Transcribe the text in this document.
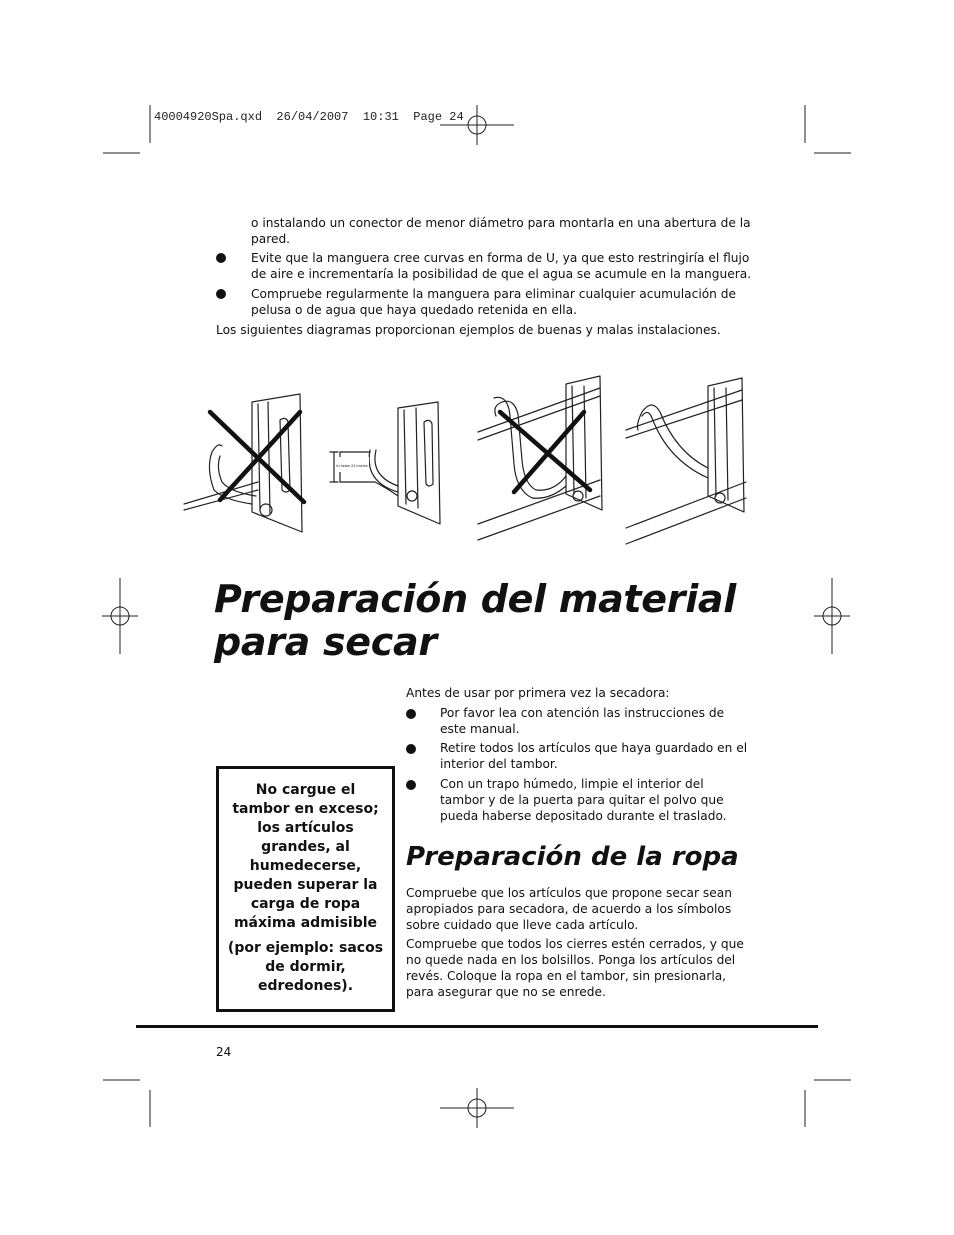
40004920Spa.qxd  26/04/2007  10:31  Page 24
o instalando un conector de menor diámetro para montarla en una abertura de la
pared.
Evite que la manguera cree curvas en forma de U, ya que esto restringiría el flujo
de aire e incrementaría la posibilidad de que el agua se acumule en la manguera.
Compruebe regularmente la manguera para eliminar cualquier acumulación de
pelusa o de agua que haya quedado retenida en ella.
Los siguientes diagramas proporcionan ejemplos de buenas y malas instalaciones.
In beam 24 Inches
Preparación del material
para secar
Antes de usar por primera vez la secadora:
Por favor lea con atención las instrucciones de
este manual.
Retire todos los artículos que haya guardado en el
interior del tambor.
Con un trapo húmedo, limpie el interior del
tambor y de la puerta para quitar el polvo que
pueda haberse depositado durante el traslado.

No cargue el

tambor en exceso;

los artículos

grandes, al

humedecerse,

pueden superar la

carga de ropa

máxima admisible

(por ejemplo: sacos

de dormir,

edredones).

Preparación de la ropa
Compruebe que los artículos que propone secar sean
apropiados para secadora, de acuerdo a los símbolos
sobre cuidado que lleve cada artículo.
Compruebe que todos los cierres estén cerrados, y que
no quede nada en los bolsillos. Ponga los artículos del
revés. Coloque la ropa en el tambor, sin presionarla,
para asegurar que no se enrede.
24
